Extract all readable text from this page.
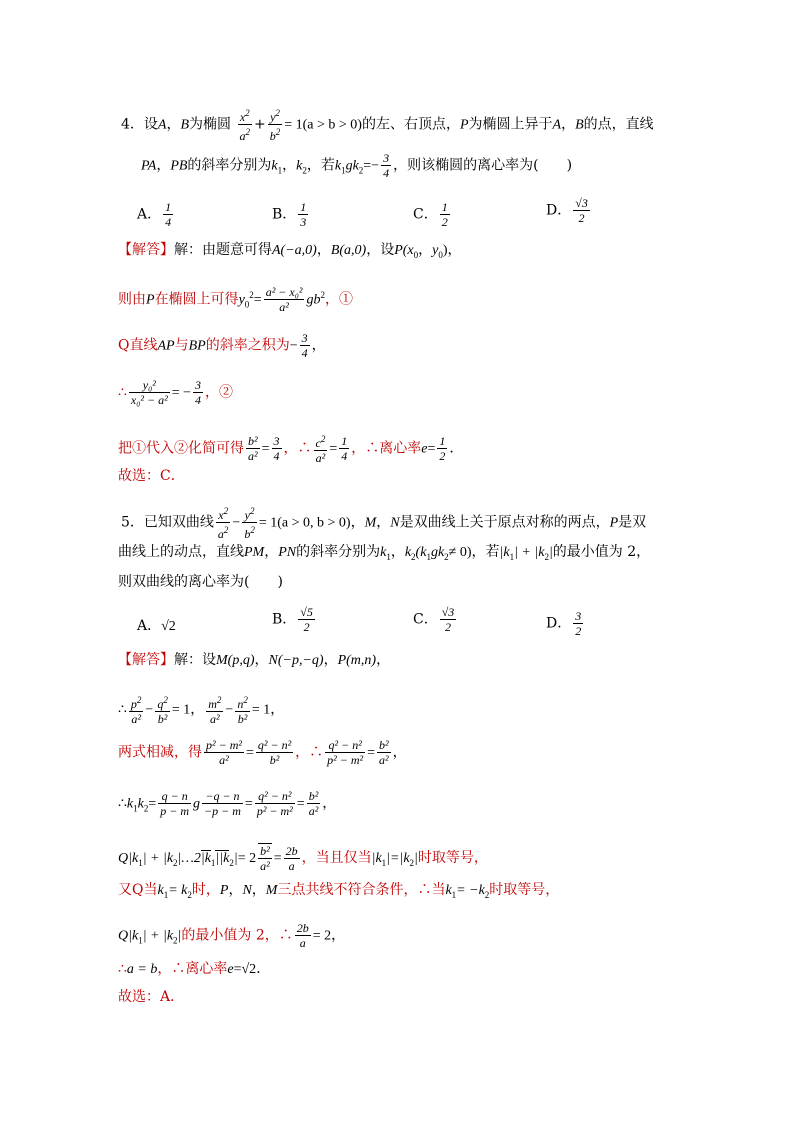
4．设A，B为椭圆 $\frac{x^2}{a^2} + \frac{y^2}{b^2} = 1(a > b > 0)$的左、右顶点，P为椭圆上异于A，B的点，直线
PA，PB的斜率分别为$k_1$，$k_2$，若$k_1gk_2=- \frac{3}{4}$ ，则该椭圆的离心率为(　　)
A． $\frac{1}{4}$	B． $\frac{1}{3}$	C． $\frac{1}{2}$	D． $\frac{√3}{2}$
【解答】解：由题意可得A(−a,0)，B(a,0)，设$P(x_0$，$y_0$)，
则由P在椭圆上可得$y_0^2= \frac{\text{a² − x₀²}}{\text{a²}} gb^2$，①
Q直线AP与BP的斜率之积为− $\frac{3}{4}$ ，
∴ $\frac{\text{y₀²}}{\text{x₀² − a²}}$ = − $\frac{3}{4}$ ，②
把①代入②化简可得 $\frac{\text{b²}}{\text{a²}} = \frac{3}{4}$ ，∴ $\frac{c^2}{\text{a²}} = \frac{1}{4}$ ，∴离心率$e= \frac{1}{2}$ ．
故选：C．
5．已知双曲线 $\frac{x^2}{a^2} - \frac{y^2}{b^2} = 1(a > 0$, b > 0)，M，N是双曲线上关于原点对称的两点，P是双
曲线上的动点，直线PM，PN的斜率分别为$k_1$，$k_2(k_1gk_2\ne 0)$，若$|k_1| + |k_2|$的最小值为 2，
则双曲线的离心率为(　　)
A．√2	B． $\frac{√5}{2}$	C． $\frac{√3}{2}$	D． $\frac{3}{2}$
【解答】解：设M(p,q)，N(−p,−q)，P(m,n)，
∴ $\frac{p^2}{\text{a²}} - \frac{q^2}{\text{b²}} = 1$， $\frac{m^2}{\text{a²}} - \frac{n^2}{\text{b²}} = 1$，
两式相减，得 $\frac{\text{p² − m²}}{\text{a²}} = \frac{\text{q² − n²}}{\text{b²}}$ ，∴ $\frac{\text{q² − n²}}{\text{p² − m²}} = \frac{\text{b²}}{\text{a²}}$ ，
$\therefore k_1k_2= \frac{q - n}{p - m}$ g $\frac{-q - n}{-p - m} = \frac{\text{q² − n²}}{\text{p² − m²}} = \frac{\text{b²}}{\text{a²}}$ ，
$Q|k_1|$ + $|k_2|\dots 2|k_1||k_2|= 2 \frac{\text{b²}}{\text{a²}} = \frac{2b}{a}$ ，当且仅当$|k_1|=|k_2|$时取等号，
又Q当$k_1= k_2$时，P，N，M三点共线不符合条件，∴当$k_1= -k_2$时取等号，
$Q|k_1| + |k_2|$的最小值为 2，∴ $\frac{2b}{a} = 2$，
∴a = b，∴离心率e=√2．
故选：A．
